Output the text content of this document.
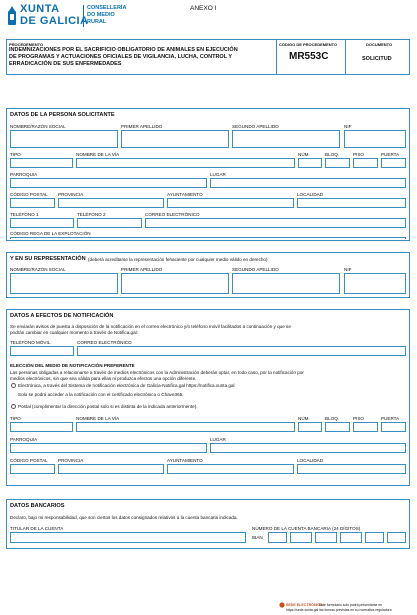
XUNTA
DE GALICIA
CONSELLERÍA
DO MEDIO
RURAL
ANEXO I
PROCEDEMENTO
INDEMNIZACIONES POR EL SACRIFICIO OBLIGATORIO DE ANIMALES EN EJECUCIÓN
DE PROGRAMAS Y ACTUACIONES OFICIALES DE VIGILANCIA, LUCHA, CONTROL Y
ERRADICACIÓN DE SUS ENFERMEDADES
CÓDIGO DE PROCEDEMENTO
MR553C
DOCUMENTO
SOLICITUD
DATOS DE LA PERSONA SOLICITANTE
NOMBRE/RAZÓN SOCIAL	PRIMER APELLIDO	SEGUNDO APELLIDO	NIF
TIPO	NOMBRE DE LA VÍA	NÚM.	BLOQ.	PISO	PUERTA
PARROQUIA	LUGAR
CÓDIGO POSTAL PROVINCIA	AYUNTAMIENTO	LOCALIDAD
TELÉFONO 1	TELÉFONO 2	CORREO ELECTRÓNICO
CÓDIGO REGA DE LA EXPLOTACIÓN
Y EN SU REPRESENTACIÓN (deberá acreditarse la representación fehaciente por cualquier medio válido en derecho)
NOMBRE/RAZÓN SOCIAL	PRIMER APELLIDO	SEGUNDO APELLIDO	NIF
DATOS A EFECTOS DE NOTIFICACIÓN
Se enviarán avisos de puesta a disposición de la notificación en el correo electrónico y/o teléfono móvil facilitados a continuación y que se
podrán cambiar en cualquier momento a través de Notifica.gal:
TELÉFONO MÓVIL	CORREO ELECTRÓNICO
ELECCIÓN DEL MEDIO DE NOTIFICACIÓN PREFERENTE
Las personas obligadas a relacionarse a través de medios electrónicos con la Administración deberán optar, en todo caso, por la notificación por
medios electrónicos, sin que sea válida para ellas ni produzca efectos una opción diferente.
Electrónica, a través del Sistema de notificación electrónica de Galicia-Notifica.gal https://notifica.xunta.gal
Solo se podrá acceder a la notificación con el certificado electrónico o Chave365.
Postal (cumplimentar la dirección postal solo si es distinta de la indicada anteriormente).
TIPO	NOMBRE DE LA VÍA	NÚM.	BLOQ.	PISO	PUERTA
PARROQUIA	LUGAR
CÓDIGO POSTAL PROVINCIA	AYUNTAMIENTO	LOCALIDAD
DATOS BANCARIOS
Declaro, bajo mi responsabilidad, que son ciertos los datos consignados relativos a la cuenta bancaria indicada.
TITULAR DE LA CUENTA	NÚMERO DE LA CUENTA BANCARIA (24 DÍGITOS)
IBAN
SEDE ELECTRÓNICA
Este formulario solo podrá presentarse en
https://sede.xunta.gal las formas previstas en su normativa reguladora
